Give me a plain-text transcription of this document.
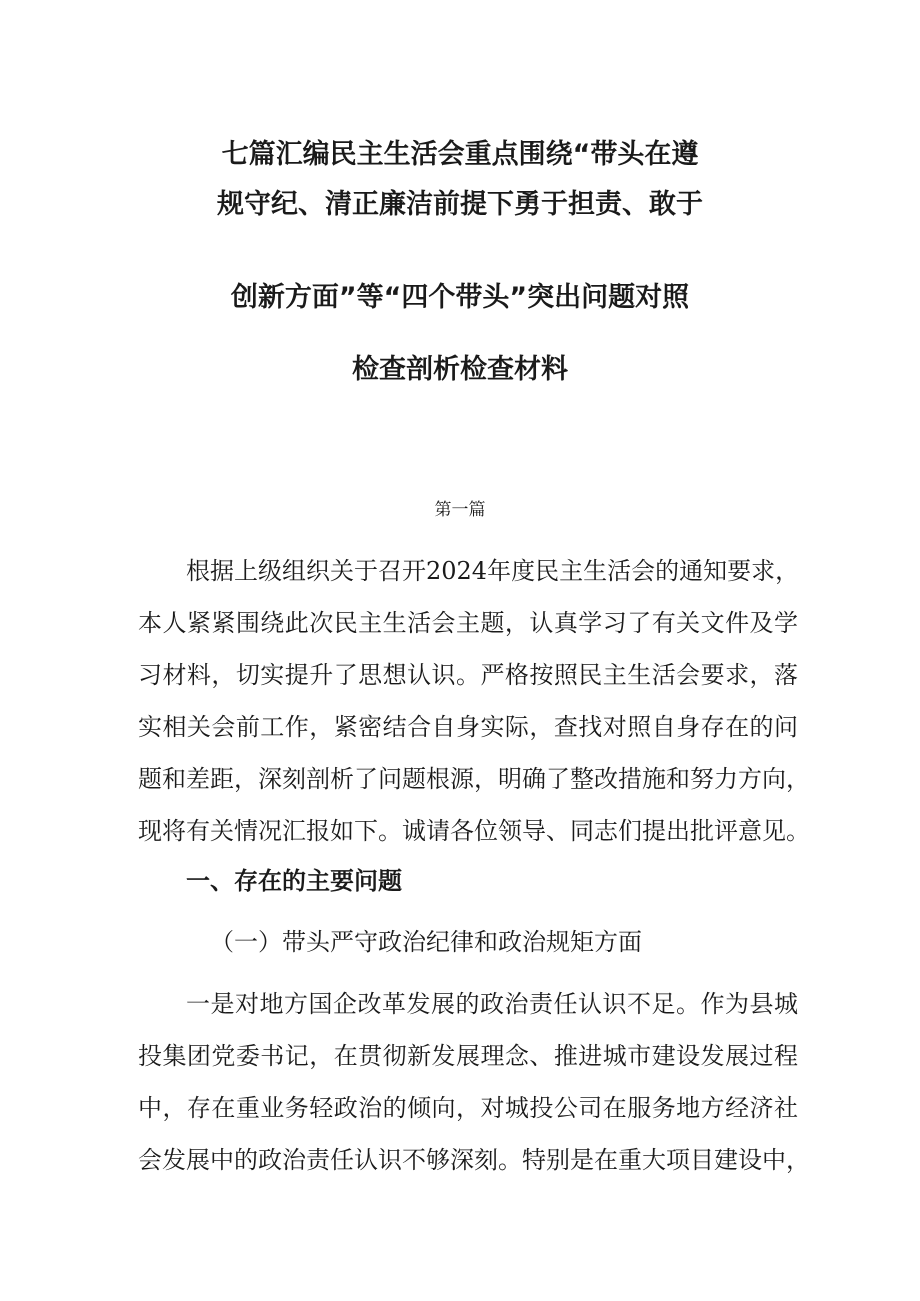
七篇汇编民主生活会重点围绕“带头在遵
规守纪、清正廉洁前提下勇于担责、敢于
创新方面”等“四个带头”突出问题对照
检查剖析检查材料
第一篇
根据上级组织关于召开2024年度民主生活会的通知要求，
本人紧紧围绕此次民主生活会主题，认真学习了有关文件及学
习材料，切实提升了思想认识。严格按照民主生活会要求，落
实相关会前工作，紧密结合自身实际，查找对照自身存在的问
题和差距，深刻剖析了问题根源，明确了整改措施和努力方向，
现将有关情况汇报如下。诚请各位领导、同志们提出批评意见。
一、存在的主要问题
（一）带头严守政治纪律和政治规矩方面
一是对地方国企改革发展的政治责任认识不足。作为县城
投集团党委书记，在贯彻新发展理念、推进城市建设发展过程
中，存在重业务轻政治的倾向，对城投公司在服务地方经济社
会发展中的政治责任认识不够深刻。特别是在重大项目建设中，
